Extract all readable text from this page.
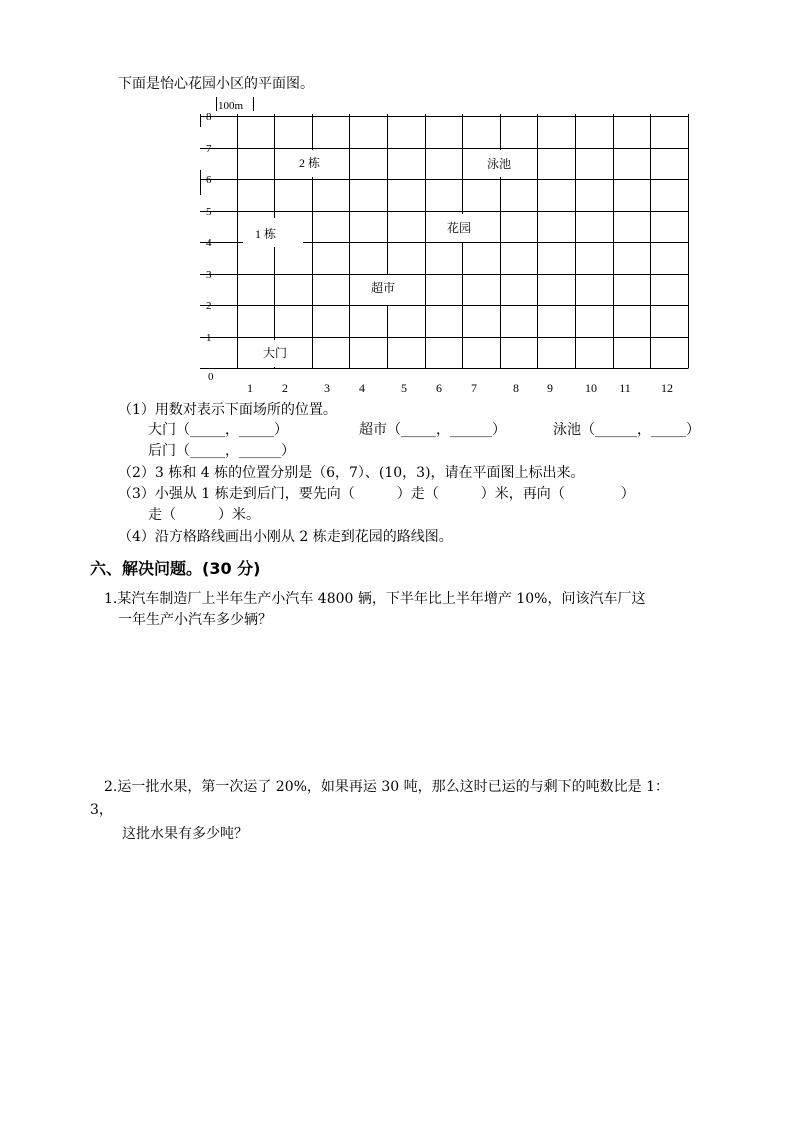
下面是怡心花园小区的平面图。
1
2
3
4
5
6
7
8
1 2	3 4	5 6 7	8 9	10 11	12
100m
0
2 栋	泳池
1 栋	花园
超市
大门
（1）用数对表示下面场所的位置。
大门（_____，_____）	超市（_____，______）	泳池（______，_____）
后门（_____，______）
（2）3 栋和 4 栋的位置分别是（6，7）、(10，3)，请在平面图上标出来。
（3）小强从 1 栋走到后门，要先向（　　　）走（　　　）米，再向（　　　　）
走（　　　）米。
（4）沿方格路线画出小刚从 2 栋走到花园的路线图。
六、解决问题。(30 分)
1.某汽车制造厂上半年生产小汽车 4800 辆，下半年比上半年增产 10%，问该汽车厂这
一年生产小汽车多少辆？
2.运一批水果，第一次运了 20%，如果再运 30 吨，那么这时已运的与剩下的吨数比是 1：
3，
这批水果有多少吨？
